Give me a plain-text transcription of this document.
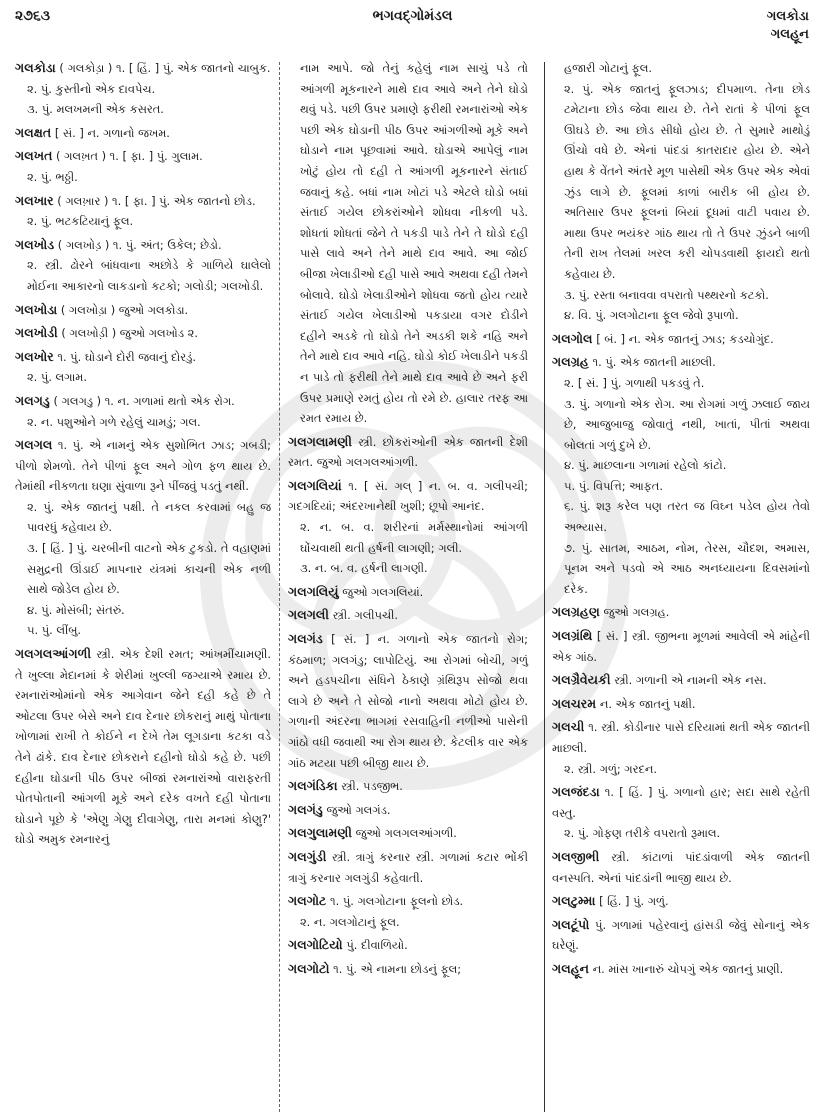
૨૭૬૩	ભગવદ્‌ગોમંડલ	ગલકોડા
ગલહૂન

ગલકોડા ( ગલકોડ઼ા ) ૧. [ હિં. ] પું. એક જાતનો ચાબુક.

૨. પું. કુસ્તીનો એક દાવપેચ.

૩. પું. મલખમની એક કસરત.

ગલક્ષત [ સં. ] ન. ગળાનો જખમ.

ગલખત ( ગલખ઼ત ) ૧. [ ફા. ] પું. ગુલામ.

૨. પું. ભઠ્ઠી.

ગલખાર ( ગલખ઼ાર ) ૧. [ ફા. ] પું. એક જાતનો છોડ.

૨. પું. ભટકટિયાનું ફૂલ.

ગલખોડ ( ગલખોડ઼ ) ૧. પું. અંત; ઉકેલ; છેડો.

૨. સ્ત્રી. ઢોરને બાંધવાના અછોડે કે ગાળિયે ઘાલેલો મોઈના આકારનો લાકડાનો કટકો; ગલોડી; ગલખોડી.

ગલખોડા ( ગલખોડ઼ા ) જુઓ ગલકોડા.

ગલખોડી ( ગલખોડ઼ી ) જુઓ ગલખોડ ૨.

ગલખોર ૧. પું. ઘોડાને દોરી જવાનું દોરડું.

૨. પું. લગામ.

ગલગડુ ( ગલગડ઼ુ ) ૧. ન. ગળામાં થતો એક રોગ.

૨. ન. પશુઓને ગળે રહેલું ચામડું; ગલ.

ગલગલ ૧. પું. એ નામનું એક સુશોભિત ઝાડ; ગબડી; પીળો શેમળો. તેને પીળાં ફૂલ અને ગોળ ફળ થાય છે. તેમાંથી નીકળતા ઘણા સુંવાળા રૂને પીંજવું પડતું નથી.

૨. પું. એક જાતનું પક્ષી. તે નકલ કરવામાં બહુ જ પાવરધું કહેવાય છે.

૩. [ હિં. ] પું. ચરબીની વાટનો એક ટુકડો. તે વહાણમાં સમુદ્રની ઊંડાઈ માપનાર યંત્રમાં કાચની એક નળી સાથે જોડેલ હોય છે.

૪. પું. મોસંબી; સંતરું.

૫. પું. લીંબુ.

ગલગલઆંગળી સ્ત્રી. એક દેશી રમત; આંખમીંચામણી. તે ખુલ્લા મેદાનમાં કે શેરીમાં ખુલ્લી જગ્યાએ રમાય છે. રમનારાંઓમાંનો એક આગેવાન જેને દહી કહે છે તે ઓટલા ઉપર બેસે અને દાવ દેનાર છોકરાનું માથું પોતાના ખોળામાં રાખી તે કોઈને ન દેખે તેમ લૂગડાના કટકા વડે તેને ઢાંકે. દાવ દેનાર છોકરાને દહીનો ઘોડો કહે છે. પછી દહીના ઘોડાની પીઠ ઉપર બીજાં રમનારાંઓ વારાફરતી પોતપોતાની આંગળી મૂકે અને દરેક વખતે દહી પોતાના ઘોડાને પૂછે કે 'એણુ ગેણુ દીવાગેણુ, તારા મનમાં કોણુ?' ઘોડો અમુક રમનારનું

નામ આપે. જો તેનું કહેલું નામ સાચું પડે તો આંગળી મૂકનારને માથે દાવ આવે અને તેને ઘોડો થવું પડે. પછી ઉપર પ્રમાણે ફરીથી રમનારાંઓ એક પછી એક ઘોડાની પીઠ ઉપર આંગળીઓ મૂકે અને ઘોડાને નામ પૂછવામાં આવે. ઘોડાએ આપેલું નામ ખોટું હોય તો દહી તે આંગળી મૂકનારને સંતાઈ જવાનું કહે. બધાં નામ ખોટાં પડે એટલે ઘોડો બધાં સંતાઈ ગયેલ છોકરાંઓને શોધવા નીકળી પડે. શોધતાં શોધતાં જેને તે પકડી પાડે તેને તે ઘોડો દહી પાસે લાવે અને તેને માથે દાવ આવે. આ જોઈ બીજા ખેલાડીઓ દહી પાસે આવે અથવા દહી તેમને બોલાવે. ઘોડો ખેલાડીઓને શોધવા જતો હોય ત્યારે સંતાઈ ગયેલ ખેલાડીઓ પકડાયા વગર દોડીને દહીને અડકે તો ઘોડો તેને અડકી શકે નહિ અને તેને માથે દાવ આવે નહિ. ઘોડો કોઈ ખેલાડીને પકડી ન પાડે તો ફરીથી તેને માથે દાવ આવે છે અને ફરી ઉપર પ્રમાણે રમતું હોય તો રમે છે. હાલાર તરફ આ રમત રમાય છે.

ગલગલામણી સ્ત્રી. છોકરાંઓની એક જાતની દેશી રમત. જુઓ ગલગલઆંગળી.

ગલગલિયાં ૧. [ સં. ગલ્ ] ન. બ. વ. ગલીપચી; ગદગદિયાં; અંદરખાનેથી ખુશી; છૂપો આનંદ.

૨. ન. બ. વ. શરીરનાં મર્મસ્થાનોમાં આંગળી ઘોંચવાથી થતી હર્ષની લાગણી; ગલી.

૩. ન. બ. વ. હર્ષની લાગણી.

ગલગલિયું જુઓ ગલગલિયાં.

ગલગલી સ્ત્રી. ગલીપચી.

ગલગંડ [ સં. ] ન. ગળાનો એક જાતનો રોગ; કંઠમાળ; ગલગંડુ; લાપોટિયું. આ રોગમાં બોચી, ગળું અને હડપચીના સંધિને ઠેકાણે ગ્રંથિરૂપ સોજો થવા લાગે છે અને તે સોજો નાનો અથવા મોટો હોય છે. ગળાની અંદરના ભાગમાં રસવાહિની નળીઓ પાસેની ગાંઠો વધી જવાથી આ રોગ થાય છે. કેટલીક વાર એક ગાંઠ મટયા પછી બીજી થાય છે.

ગલગંડિકા સ્ત્રી. પડજીભ.

ગલગંડુ જુઓ ગલગંડ.

ગલગુલામણી જુઓ ગલગલઆંગળી.

ગલગુંડી સ્ત્રી. ત્રાગું કરનાર સ્ત્રી. ગળામાં કટાર ભોંકી ત્રાગું કરનાર ગલગુંડી કહેવાતી.

ગલગોટ ૧. પું. ગલગોટાના ફૂલનો છોડ.

૨. ન. ગલગોટાનું ફૂલ.

ગલગોટિયો પું. દીવાળિયો.

ગલગોટો ૧. પું. એ નામના છોડનું ફૂલ;

હજારી ગોટાનું ફૂલ.

૨. પું. એક જાતનું ફૂલઝાડ; દીપમાળ. તેના છોડ ટમેટાના છોડ જેવા થાય છે. તેને રાતાં કે પીળાં ફૂલ ઊઘડે છે. આ છોડ સીધો હોય છે. તે સુમારે માથોડું ઊંચો વધે છે. એનાં પાંદડાં કાતરાદાર હોય છે. એને હાથ કે વેંતને અંતરે મૂળ પાસેથી એક ઉપર એક એવાં ઝુંડ લાગે છે. ફૂલમાં કાળાં બારીક બી હોય છે. અતિસાર ઉપર ફૂલનાં બિયાં દૂધમાં વાટી પવાય છે. માથા ઉપર ભયંકર ગાંઠ થાય તો તે ઉપર ઝુંડને બાળી તેની રાખ તેલમાં ખરલ કરી ચોપડવાથી ફાયદો થતો કહેવાય છે.

૩. પું. રસ્તા બનાવવા વપરાતો પથ્થરનો કટકો.

૪. વિ. પું. ગલગોટાના ફૂલ જેવો રૂપાળો.

ગલગોલ [ બં. ] ન. એક જાતનું ઝાડ; કડચોગુંદ.

ગલગ્રહ ૧. પું. એક જાતની માછલી.

૨. [ સં. ] પું. ગળાથી પકડવું તે.

૩. પું. ગળાનો એક રોગ. આ રોગમાં ગળું ઝલાઈ જાય છે, આજુબાજુ જોવાતું નથી, ખાતાં, પીતાં અથવા બોલતાં ગળું દુખે છે.

૪. પું. માછલાના ગળામાં રહેલો કાંટો.

૫. પું. વિપત્તિ; આફત.

૬. પું. શરૂ કરેલ પણ તરત જ વિઘ્ન પડેલ હોય તેવો અભ્યાસ.

૭. પું. સાતમ, આઠમ, નોમ, તેરસ, ચૌદશ, અમાસ, પૂનમ અને પડવો એ આઠ અનધ્યાયના દિવસમાંનો દરેક.

ગલગ્રહણ જુઓ ગલગ્રહ.

ગલગ્રંથિ [ સં. ] સ્ત્રી. જીભના મૂળમાં આવેલી એ માંહેની એક ગાંઠ.

ગલગ્રૈવેયકી સ્ત્રી. ગળાની એ નામની એક નસ.

ગલચરમ ન. એક જાતનું પક્ષી.

ગલચી ૧. સ્ત્રી. કોડીનાર પાસે દરિયામાં થતી એક જાતની માછલી.

૨. સ્ત્રી. ગળું; ગરદન.

ગલજંદડા ૧. [ હિં. ] પું. ગળાનો હાર; સદા સાથે રહેતી વસ્તુ.

૨. પું. ગોફણ તરીકે વપરાતો રૂમાલ.

ગલજીભી સ્ત્રી. કાંટાળાં પાંદડાંવાળી એક જાતની વનસ્પતિ. એનાં પાંદડાંની ભાજી થાય છે.

ગલટુમ્મા [ હિં. ] પું. ગળું.

ગલટૂંપો પું. ગળામાં પહેરવાનું હાંસડી જેવું સોનાનું એક ઘરેણું.

ગલહૂન ન. માંસ ખાનારું ચોપગું એક જાતનું પ્રાણી.
